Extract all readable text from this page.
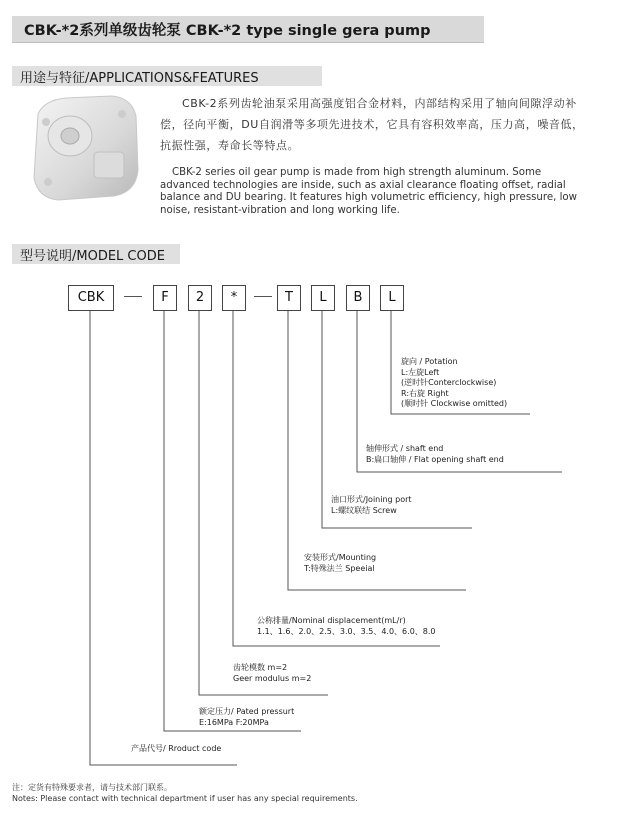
CBK-*2系列单级齿轮泵 CBK-*2 type single gera pump
用途与特征/APPLICATIONS&FEATURES

CBK-2系列齿轮油泵采用高强度铝合金材料，内部结构采用了轴向间隙浮动补偿，径向平衡，DU自润滑等多项先进技术，它具有容积效率高，压力高，噪音低，抗振性强，寿命长等特点。

CBK-2 series oil gear pump is made from high strength aluminum. Some advanced technologies are inside, such as axial clearance floating offset, radial balance and DU bearing. It features high volumetric efficiency, high pressure, low noise, resistant-vibration and long working life.

型号说明/MODEL CODE
CBK	F	2	*	T	L	B	L
旋向 / Potation
L:左旋Left
(逆时针Conterclockwise)
R:右旋 Right
(顺时针 Clockwise omitted)
轴伸形式 / shaft end
B:扁口轴伸 / Flat opening shaft end
油口形式/Joining port
L:螺纹联结 Screw
安装形式/Mounting
T:特殊法兰 Speeial
公称排量/Nominal displacement(mL/r)
1.1、1.6、2.0、2.5、3.0、3.5、4.0、6.0、8.0
齿轮模数 m=2
Geer modulus m=2
额定压力/ Pated pressurt
E:16MPa F:20MPa
产品代号/ Rroduct code
注：定货有特殊要求者，请与技术部门联系。
Notes: Please contact with technical department if user has any special requirements.
